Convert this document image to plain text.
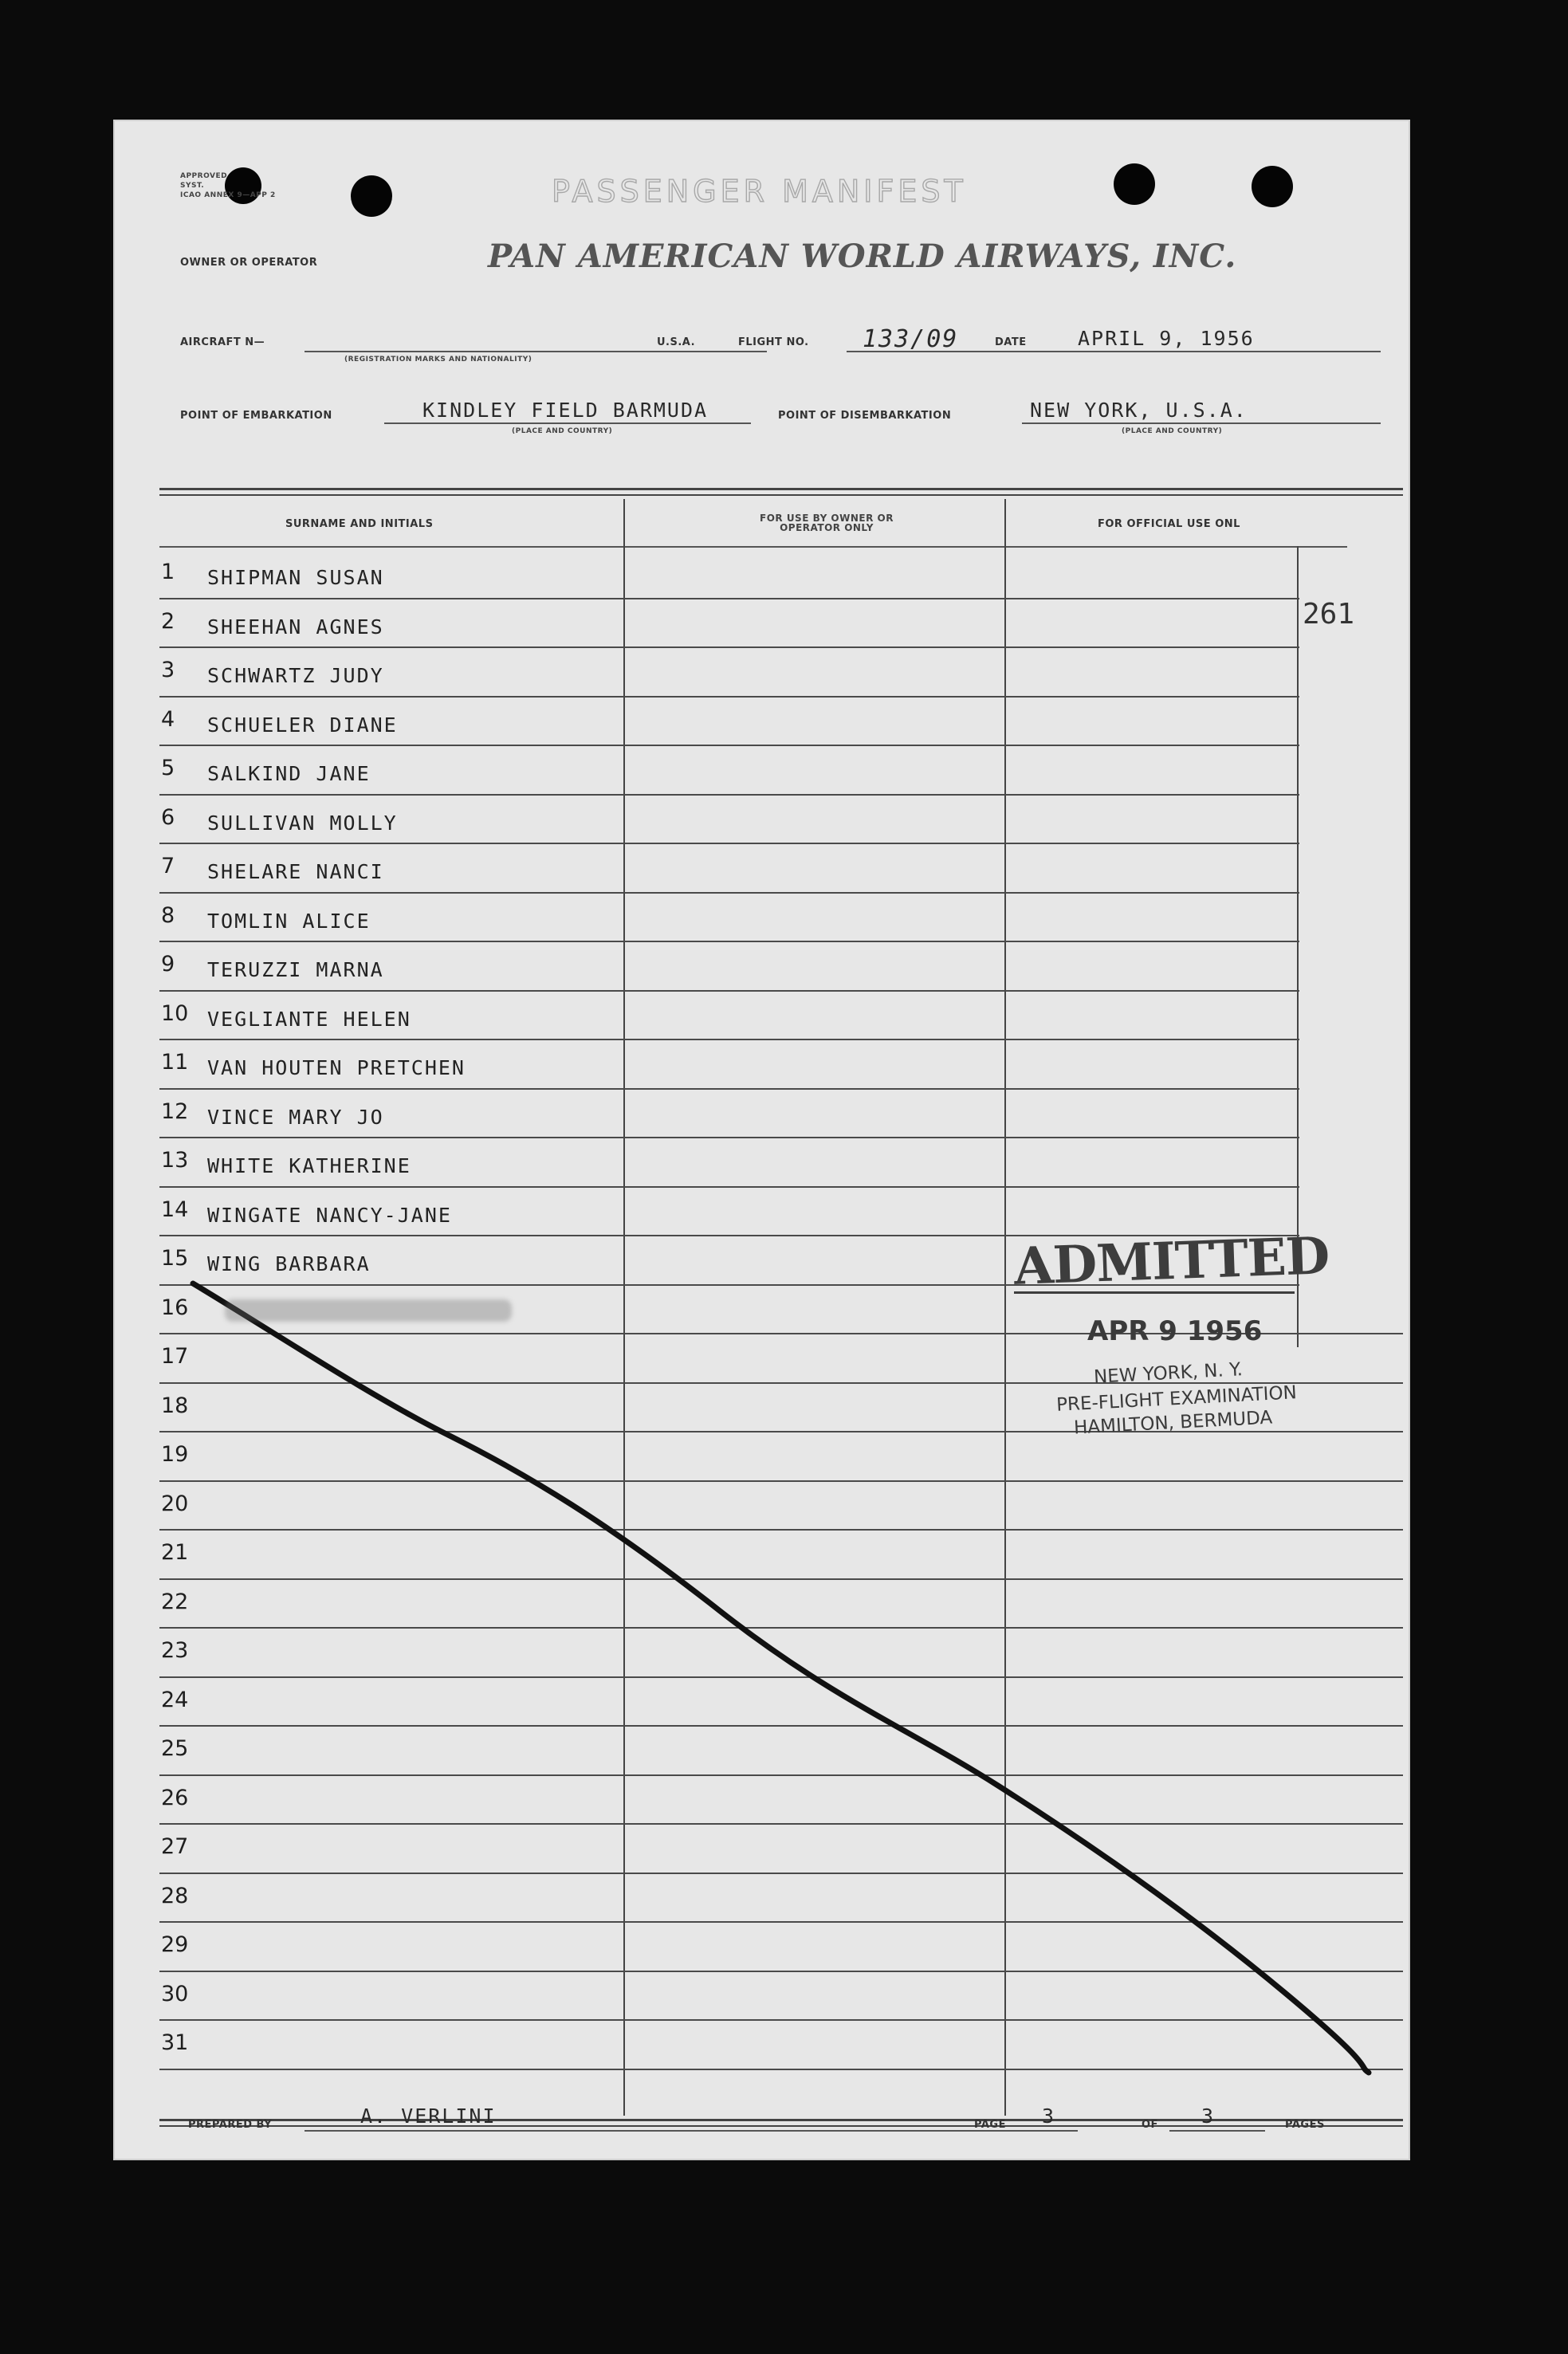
APPROVED
SYST.
ICAO ANNEX 9—APP 2	PASSENGER MANIFEST
OWNER OR OPERATOR	PAN AMERICAN WORLD AIRWAYS, INC.
AIRCRAFT N—
(REGISTRATION MARKS AND NATIONALITY)
U.S.A.	FLIGHT NO. 133/09	DATE	APRIL 9, 1956
POINT OF EMBARKATION	KINDLEY FIELD BARMUDA
(PLACE AND COUNTRY)
POINT OF DISEMBARKATION	NEW YORK, U.S.A.
(PLACE AND COUNTRY)
SURNAME AND INITIALS	FOR USE BY OWNER OR OPERATOR ONLY	FOR OFFICIAL USE ONL
261
1 SHIPMAN SUSAN
2 SHEEHAN AGNES
3 SCHWARTZ JUDY
4 SCHUELER DIANE
5 SALKIND JANE
6 SULLIVAN MOLLY
7 SHELARE NANCI
8 TOMLIN ALICE
9 TERUZZI MARNA
10 VEGLIANTE HELEN
11 VAN HOUTEN PRETCHEN
12 VINCE MARY JO
13 WHITE KATHERINE
14 WINGATE NANCY-JANE
15 WING BARBARA
16
17
18
19
20
21
22
23
24
25
26
27
28
29
30
31
ADMITTED
APR 9 1956
NEW YORK, N. Y.
PRE-FLIGHT EXAMINATION
HAMILTON, BERMUDA
PREPARED BY	A. VERLINI	PAGE 3	OF 3	PAGES
